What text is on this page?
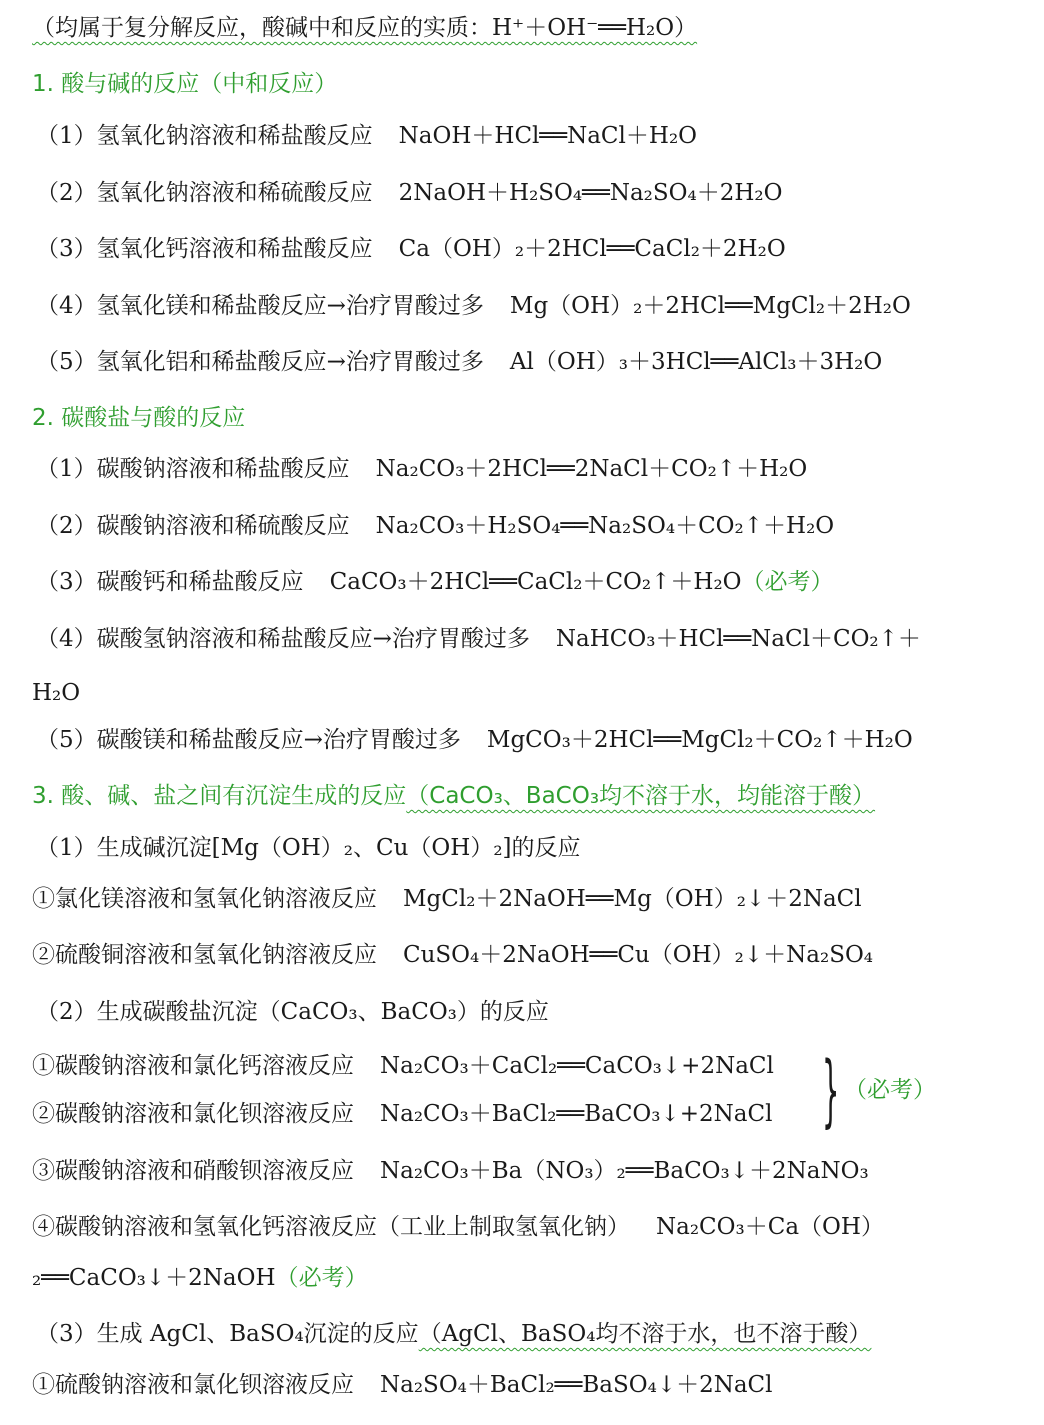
（均属于复分解反应，酸碱中和反应的实质：H⁺＋OH⁻══H₂O）
1. 酸与碱的反应（中和反应）
（1）氢氧化钠溶液和稀盐酸反应 NaOH＋HCl══NaCl＋H₂O
（2）氢氧化钠溶液和稀硫酸反应 2NaOH＋H₂SO₄══Na₂SO₄＋2H₂O
（3）氢氧化钙溶液和稀盐酸反应 Ca（OH）₂＋2HCl══CaCl₂＋2H₂O
（4）氢氧化镁和稀盐酸反应→治疗胃酸过多 Mg（OH）₂＋2HCl══MgCl₂＋2H₂O
（5）氢氧化铝和稀盐酸反应→治疗胃酸过多 Al（OH）₃＋3HCl══AlCl₃＋3H₂O
2. 碳酸盐与酸的反应
（1）碳酸钠溶液和稀盐酸反应 Na₂CO₃＋2HCl══2NaCl＋CO₂↑＋H₂O
（2）碳酸钠溶液和稀硫酸反应 Na₂CO₃＋H₂SO₄══Na₂SO₄＋CO₂↑＋H₂O
（3）碳酸钙和稀盐酸反应 CaCO₃＋2HCl══CaCl₂＋CO₂↑＋H₂O（必考）
（4）碳酸氢钠溶液和稀盐酸反应→治疗胃酸过多 NaHCO₃＋HCl══NaCl＋CO₂↑＋
H₂O
（5）碳酸镁和稀盐酸反应→治疗胃酸过多 MgCO₃＋2HCl══MgCl₂＋CO₂↑＋H₂O
3. 酸、碱、盐之间有沉淀生成的反应（CaCO₃、BaCO₃均不溶于水，均能溶于酸）
（1）生成碱沉淀[Mg（OH）₂、Cu（OH）₂]的反应
①氯化镁溶液和氢氧化钠溶液反应 MgCl₂＋2NaOH══Mg（OH）₂↓＋2NaCl
②硫酸铜溶液和氢氧化钠溶液反应 CuSO₄＋2NaOH══Cu（OH）₂↓＋Na₂SO₄
（2）生成碳酸盐沉淀（CaCO₃、BaCO₃）的反应
①碳酸钠溶液和氯化钙溶液反应 Na₂CO₃＋CaCl₂══CaCO₃↓+2NaCl
②碳酸钠溶液和氯化钡溶液反应 Na₂CO₃＋BaCl₂══BaCO₃↓+2NaCl } （必考）
③碳酸钠溶液和硝酸钡溶液反应 Na₂CO₃＋Ba（NO₃）₂══BaCO₃↓＋2NaNO₃
④碳酸钠溶液和氢氧化钙溶液反应（工业上制取氢氧化钠） Na₂CO₃＋Ca（OH）
₂══CaCO₃↓＋2NaOH（必考）
（3）生成 AgCl、BaSO₄沉淀的反应（AgCl、BaSO₄均不溶于水，也不溶于酸）
①硫酸钠溶液和氯化钡溶液反应 Na₂SO₄＋BaCl₂══BaSO₄↓＋2NaCl
